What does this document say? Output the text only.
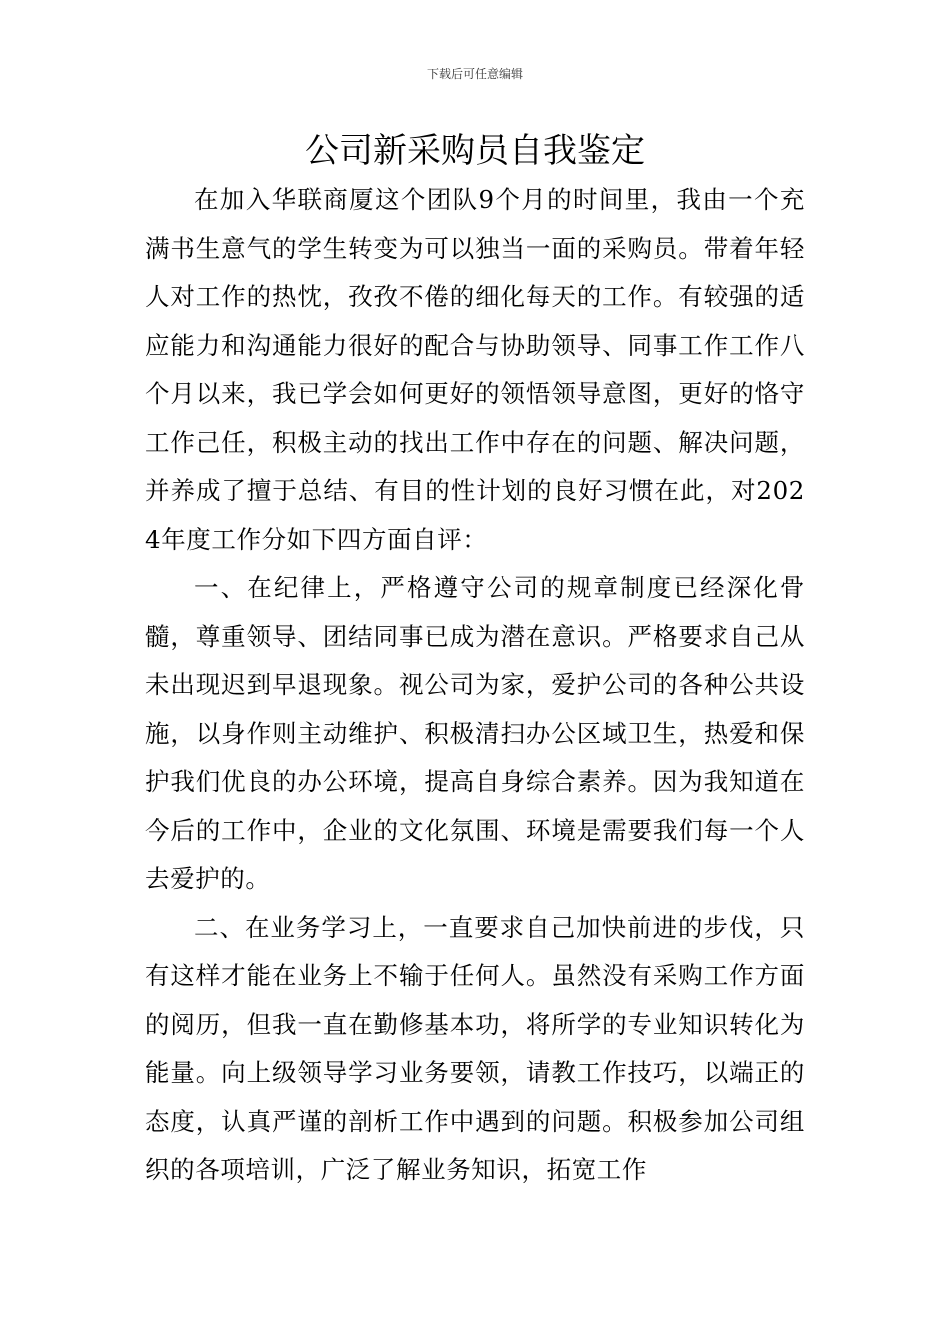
下载后可任意编辑
公司新采购员自我鉴定

在加入华联商厦这个团队9个月的时间里，我由一个充满书生意气的学生转变为可以独当一面的采购员。带着年轻人对工作的热忱，孜孜不倦的细化每天的工作。有较强的适应能力和沟通能力很好的配合与协助领导、同事工作工作八个月以来，我已学会如何更好的领悟领导意图，更好的恪守工作己任，积极主动的找出工作中存在的问题、解决问题，并养成了擅于总结、有目的性计划的良好习惯在此，对2024年度工作分如下四方面自评：

一、在纪律上，严格遵守公司的规章制度已经深化骨髓，尊重领导、团结同事已成为潜在意识。严格要求自己从未出现迟到早退现象。视公司为家，爱护公司的各种公共设施，以身作则主动维护、积极清扫办公区域卫生，热爱和保护我们优良的办公环境，提高自身综合素养。因为我知道在今后的工作中，企业的文化氛围、环境是需要我们每一个人去爱护的。

二、在业务学习上，一直要求自己加快前进的步伐，只有这样才能在业务上不输于任何人。虽然没有采购工作方面的阅历，但我一直在勤修基本功，将所学的专业知识转化为能量。向上级领导学习业务要领，请教工作技巧，以端正的态度，认真严谨的剖析工作中遇到的问题。积极参加公司组织的各项培训，广泛了解业务知识，拓宽工作
